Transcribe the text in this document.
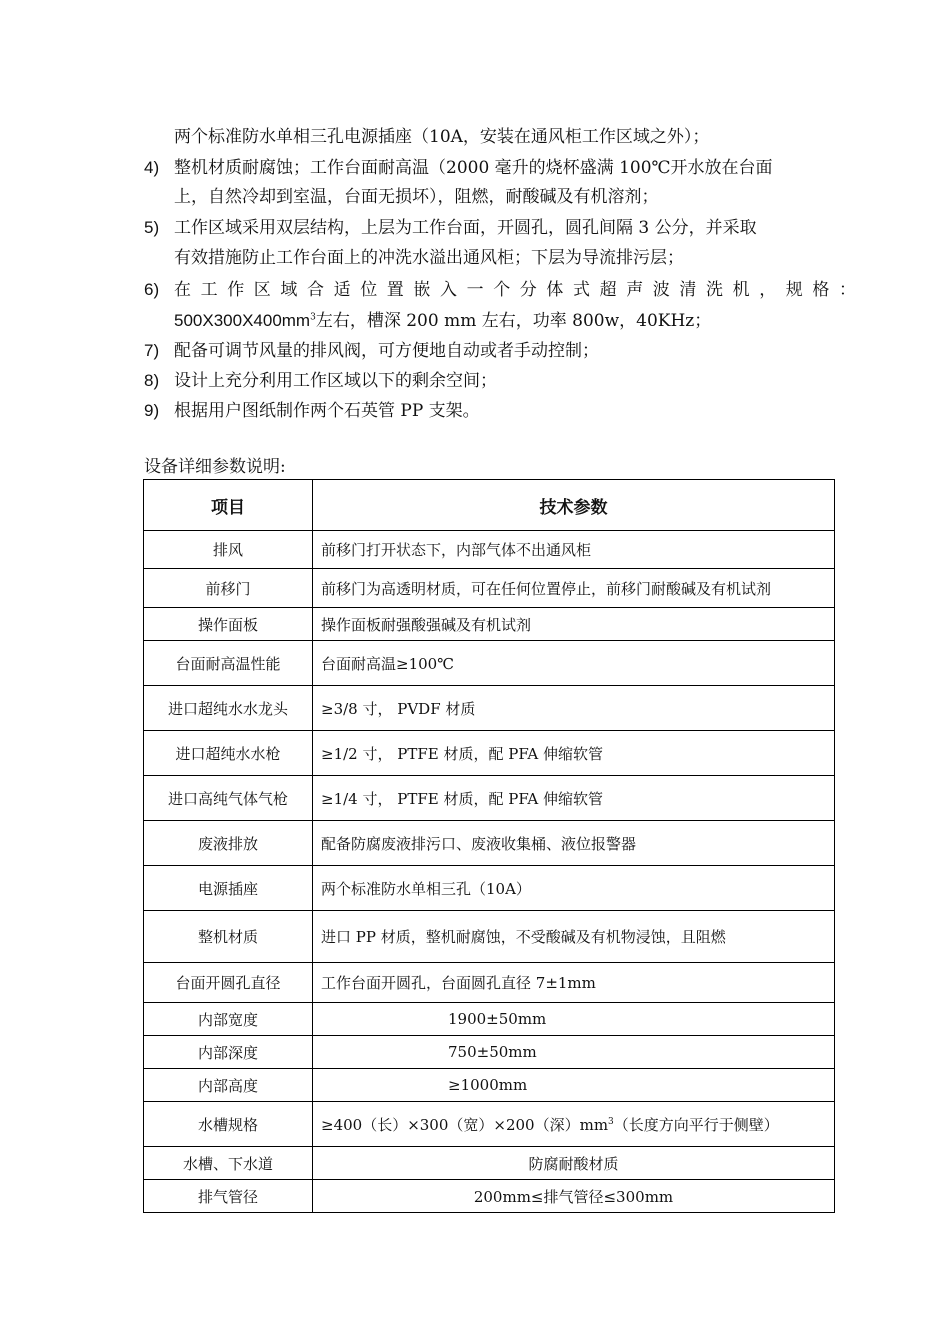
两个标准防水单相三孔电源插座（10A，安装在通风柜工作区域之外）；
4) 整机材质耐腐蚀；工作台面耐高温（2000 毫升的烧杯盛满 100℃开水放在台面
上，自然冷却到室温，台面无损坏），阻燃，耐酸碱及有机溶剂；
5) 工作区域采用双层结构，上层为工作台面，开圆孔，圆孔间隔 3 公分，并采取
有效措施防止工作台面上的冲洗水溢出通风柜；下层为导流排污层；
6) 在工作区域合适位置嵌入一个分体式超声波清洗机，规格：
$500X300X400mm^3$左右，槽深 200 mm 左右，功率 800w，40KHz；
7) 配备可调节风量的排风阀，可方便地自动或者手动控制；
8) 设计上充分利用工作区域以下的剩余空间；
9) 根据用户图纸制作两个石英管 PP 支架。
设备详细参数说明:
项目	技术参数
排风	前移门打开状态下，内部气体不出通风柜
前移门	前移门为高透明材质，可在任何位置停止，前移门耐酸碱及有机试剂
操作面板	操作面板耐强酸强碱及有机试剂
台面耐高温性能	台面耐高温≥100℃
进口超纯水水龙头	≥3/8 寸， PVDF 材质
进口超纯水水枪	≥1/2 寸， PTFE 材质，配 PFA 伸缩软管
进口高纯气体气枪	≥1/4 寸， PTFE 材质，配 PFA 伸缩软管
废液排放	配备防腐废液排污口、废液收集桶、液位报警器
电源插座	两个标准防水单相三孔（10A）
整机材质	进口 PP 材质，整机耐腐蚀，不受酸碱及有机物浸蚀，且阻燃
台面开圆孔直径	工作台面开圆孔，台面圆孔直径 7±1mm
内部宽度	1900±50mm
内部深度	750±50mm
内部高度	≥1000mm
水槽规格	≥400（长）×300（宽）×200（深）$mm^3$（长度方向平行于侧壁）
水槽、下水道	防腐耐酸材质
排气管径	200mm≤排气管径≤300mm
